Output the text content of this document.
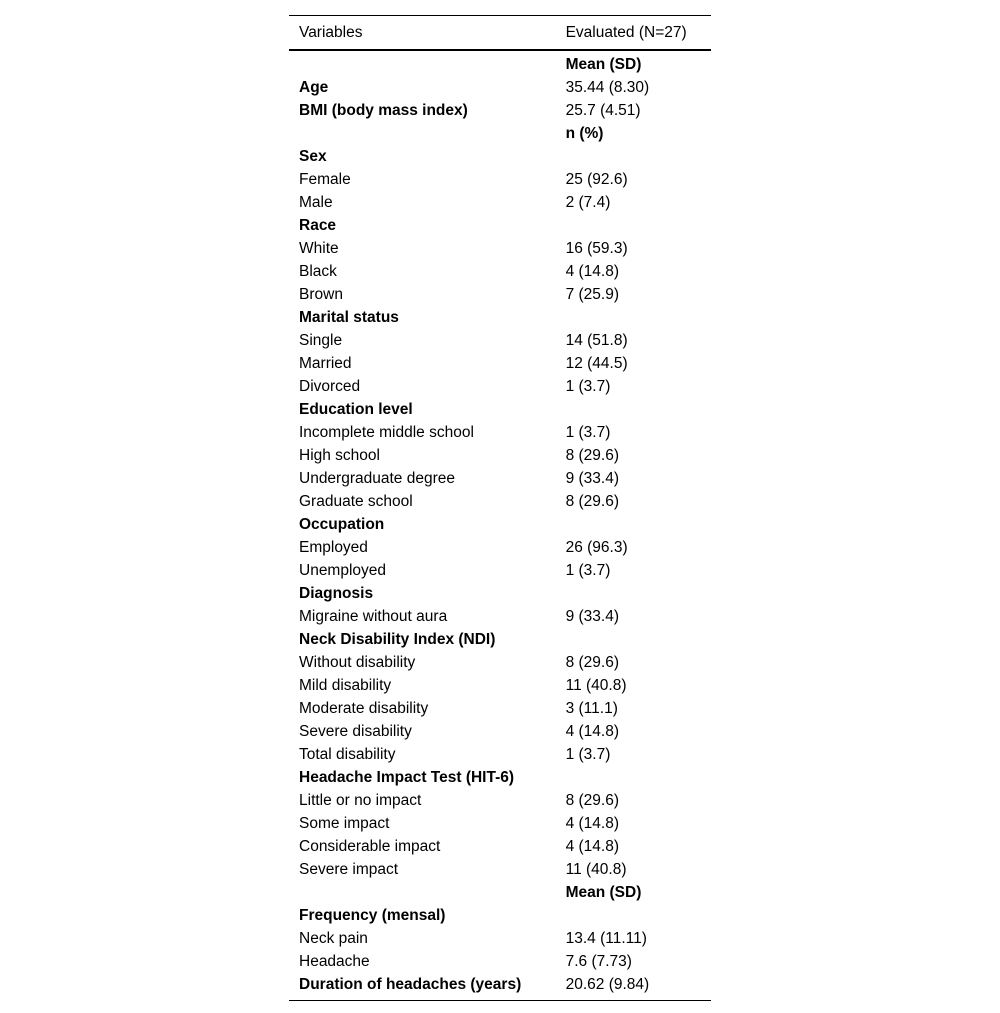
Variables	Evaluated (N=27)
	Mean (SD)
Age	35.44 (8.30)
BMI (body mass index)	25.7 (4.51)
	n (%)
Sex	
Female	25 (92.6)
Male	2 (7.4)
Race	
White	16 (59.3)
Black	4 (14.8)
Brown	7 (25.9)
Marital status	
Single	14 (51.8)
Married	12 (44.5)
Divorced	1 (3.7)
Education level	
Incomplete middle school	1 (3.7)
High school	8 (29.6)
Undergraduate degree	9 (33.4)
Graduate school	8 (29.6)
Occupation	
Employed	26 (96.3)
Unemployed	1 (3.7)
Diagnosis	
Migraine without aura	9 (33.4)
Neck Disability Index (NDI)	
Without disability	8 (29.6)
Mild disability	11 (40.8)
Moderate disability	3 (11.1)
Severe disability	4 (14.8)
Total disability	1 (3.7)
Headache Impact Test (HIT-6)	
Little or no impact	8 (29.6)
Some impact	4 (14.8)
Considerable impact	4 (14.8)
Severe impact	11 (40.8)
	Mean (SD)
Frequency (mensal)	
Neck pain	13.4 (11.11)
Headache	7.6 (7.73)
Duration of headaches (years)	20.62 (9.84)
